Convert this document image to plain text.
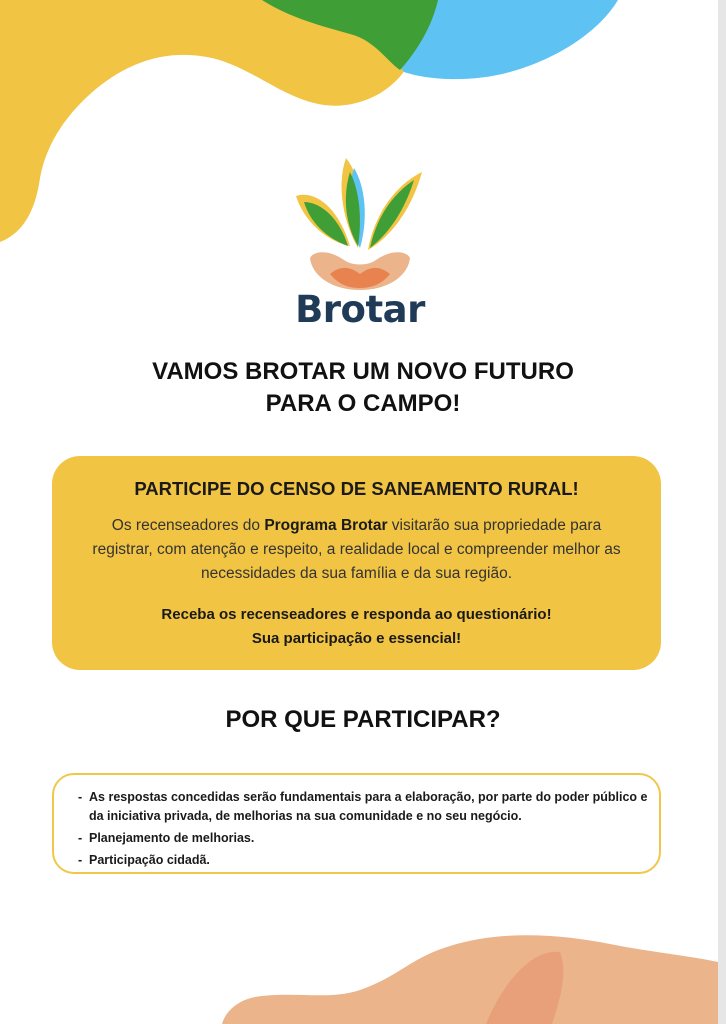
Brotar
VAMOS BROTAR UM NOVO FUTURO
PARA O CAMPO!
PARTICIPE DO CENSO DE SANEAMENTO RURAL!
Os recenseadores do Programa Brotar visitarão sua propriedade para registrar, com atenção e respeito, a realidade local e compreender melhor as necessidades da sua família e da sua região.
Receba os recenseadores e responda ao questionário!
Sua participação e essencial!
POR QUE PARTICIPAR?
- As respostas concedidas serão fundamentais para a elaboração, por parte do poder público e da iniciativa privada, de melhorias na sua comunidade e no seu negócio.
- Planejamento de melhorias.
- Participação cidadã.
